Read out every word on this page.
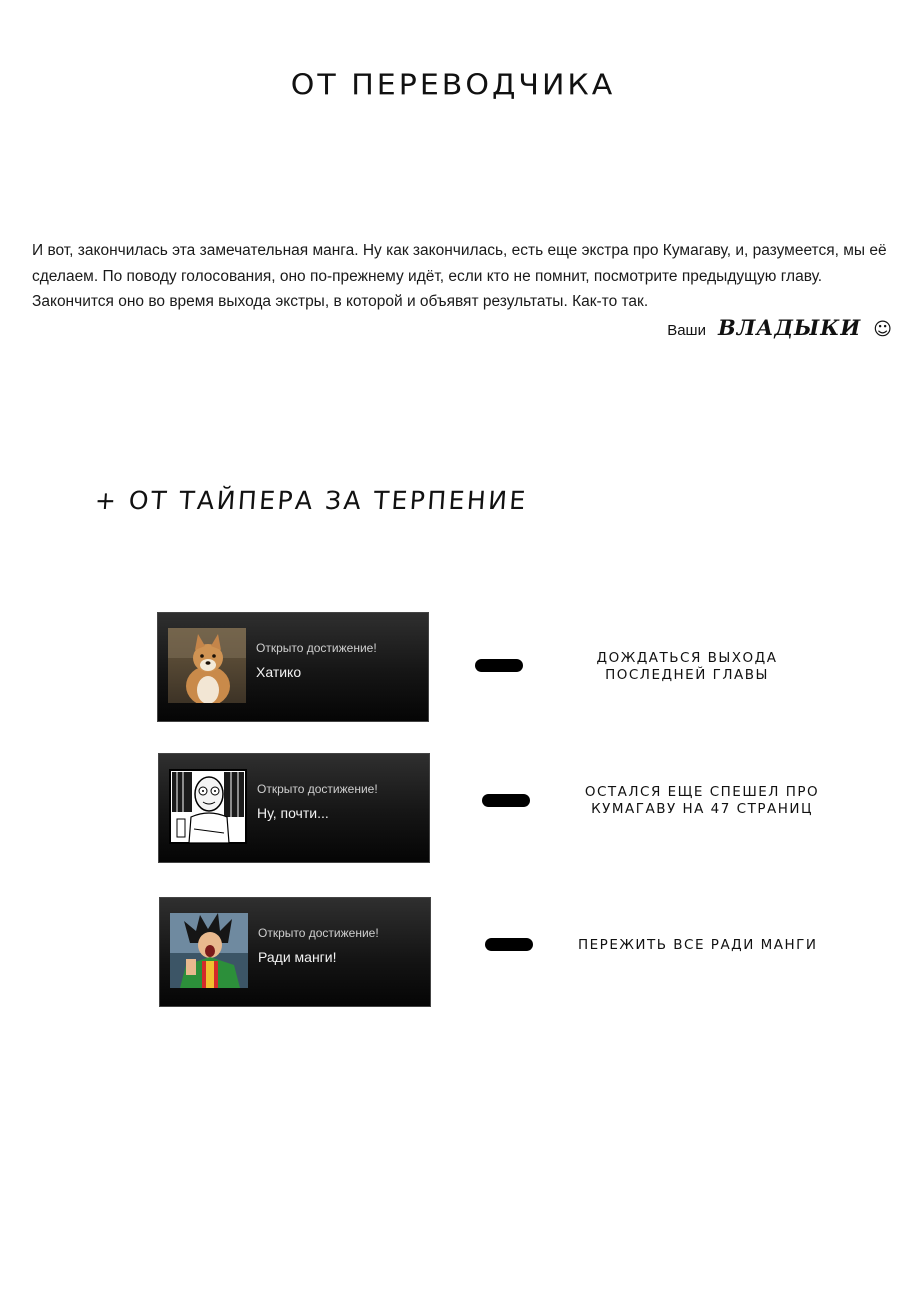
ОТ ПЕРЕВОДЧИКА

И вот, закончилась эта замечательная манга. Ну как закончилась, есть еще экстра про Кумагаву, и, разумеется, мы её

сделаем. По поводу голосования, оно по-прежнему идёт, если кто не помнит, посмотрите предыдущую главу.

Закончится оно во время выхода экстры, в которой и объявят результаты. Как-то так.

Ваши ВЛАДЫКИ ☺
+ ОТ ТАЙПЕРА ЗА ТЕРПЕНИЕ
Открыто достижение!
Хатико
ДОЖДАТЬСЯ ВЫХОДА
ПОСЛЕДНЕЙ ГЛАВЫ
Открыто достижение!
Ну, почти...
ОСТАЛСЯ ЕЩЕ СПЕШЕЛ ПРО
КУМАГАВУ НА 47 СТРАНИЦ
Открыто достижение!
Ради манги!
ПЕРЕЖИТЬ ВСЕ РАДИ МАНГИ
